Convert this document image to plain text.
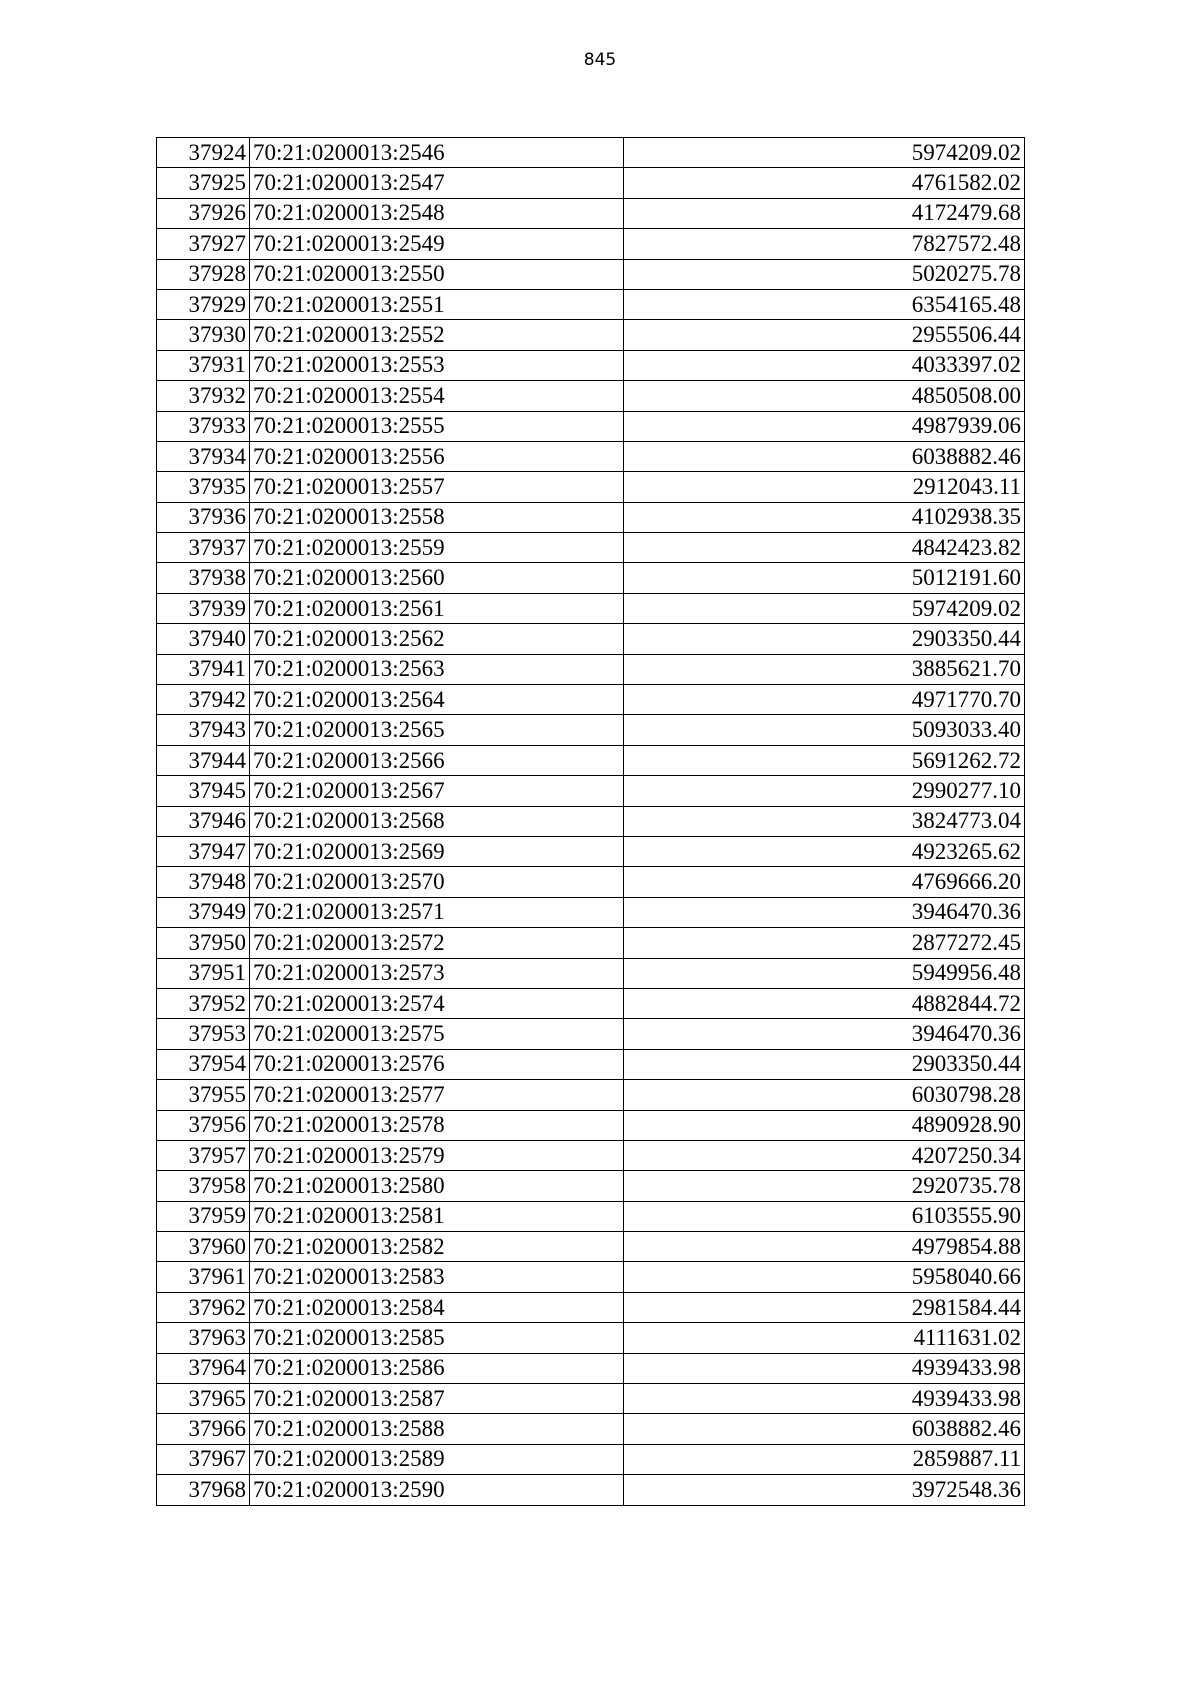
845
37924	70:21:0200013:2546	5974209.02
37925	70:21:0200013:2547	4761582.02
37926	70:21:0200013:2548	4172479.68
37927	70:21:0200013:2549	7827572.48
37928	70:21:0200013:2550	5020275.78
37929	70:21:0200013:2551	6354165.48
37930	70:21:0200013:2552	2955506.44
37931	70:21:0200013:2553	4033397.02
37932	70:21:0200013:2554	4850508.00
37933	70:21:0200013:2555	4987939.06
37934	70:21:0200013:2556	6038882.46
37935	70:21:0200013:2557	2912043.11
37936	70:21:0200013:2558	4102938.35
37937	70:21:0200013:2559	4842423.82
37938	70:21:0200013:2560	5012191.60
37939	70:21:0200013:2561	5974209.02
37940	70:21:0200013:2562	2903350.44
37941	70:21:0200013:2563	3885621.70
37942	70:21:0200013:2564	4971770.70
37943	70:21:0200013:2565	5093033.40
37944	70:21:0200013:2566	5691262.72
37945	70:21:0200013:2567	2990277.10
37946	70:21:0200013:2568	3824773.04
37947	70:21:0200013:2569	4923265.62
37948	70:21:0200013:2570	4769666.20
37949	70:21:0200013:2571	3946470.36
37950	70:21:0200013:2572	2877272.45
37951	70:21:0200013:2573	5949956.48
37952	70:21:0200013:2574	4882844.72
37953	70:21:0200013:2575	3946470.36
37954	70:21:0200013:2576	2903350.44
37955	70:21:0200013:2577	6030798.28
37956	70:21:0200013:2578	4890928.90
37957	70:21:0200013:2579	4207250.34
37958	70:21:0200013:2580	2920735.78
37959	70:21:0200013:2581	6103555.90
37960	70:21:0200013:2582	4979854.88
37961	70:21:0200013:2583	5958040.66
37962	70:21:0200013:2584	2981584.44
37963	70:21:0200013:2585	4111631.02
37964	70:21:0200013:2586	4939433.98
37965	70:21:0200013:2587	4939433.98
37966	70:21:0200013:2588	6038882.46
37967	70:21:0200013:2589	2859887.11
37968	70:21:0200013:2590	3972548.36
